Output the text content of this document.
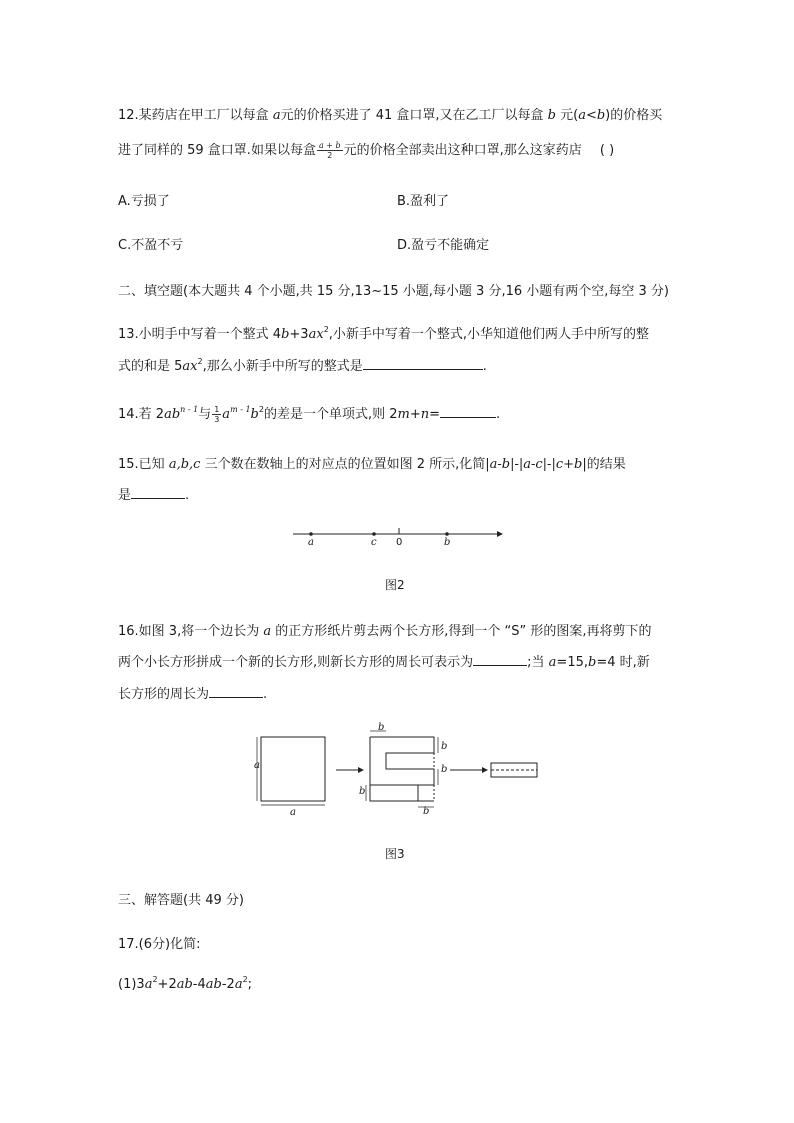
12.某药店在甲工厂以每盒 a元的价格买进了 41 盒口罩,又在乙工厂以每盒 b 元(a<b)的价格买
进了同样的 59 盒口罩.如果以每盒 $\frac{a + b}{2}$ 元的价格全部卖出这种口罩,那么这家药店 ( )
A.亏损了	B.盈利了
C.不盈不亏	D.盈亏不能确定
二、填空题(本大题共 4 个小题,共 15 分,13~15 小题,每小题 3 分,16 小题有两个空,每空 3 分)
13.小明手中写着一个整式 $4b+3ax^2$,小新手中写着一个整式,小华知道他们两人手中所写的整
式的和是 $5ax^2$,那么小新手中所写的整式是	.
14.若 $2ab^{n - 1}$与 $\frac{1}{3} a^{m - 1}b^2$的差是一个单项式,则 2m+n=	.
15.已知 a,b,c 三个数在数轴上的对应点的位置如图 2 所示,化简|a-b|-|a-c|-|c+b|的结果
是	.
a	c 0	b
图2
16.如图 3,将一个边长为 a 的正方形纸片剪去两个长方形,得到一个 “S” 形的图案,再将剪下的
两个小长方形拼成一个新的长方形,则新长方形的周长可表示为	;当 a=15,b=4 时,新
长方形的周长为	.
a
a
b
b
b
b
b
图3
三、解答题(共 49 分)
17.(6分)化简:
$(1)3a^2+2ab-4ab-2a^2$;
